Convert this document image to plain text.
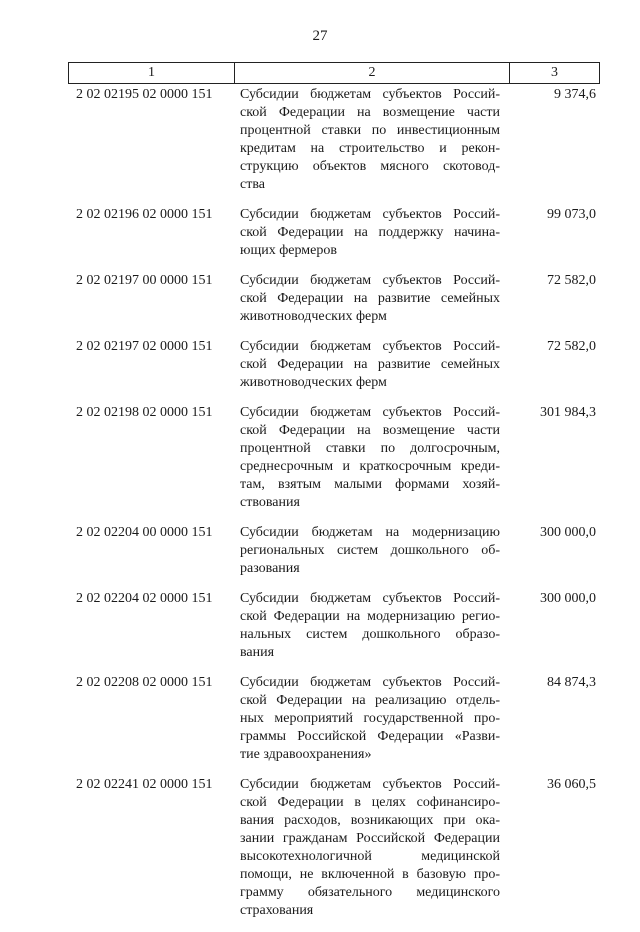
27
1	2	3
2 02 02195 02 0000 151	Субсидии бюджетам субъектов Россий-
ской Федерации на возмещение части
процентной ставки по инвестиционным
кредитам на строительство и рекон-
струкцию объектов мясного скотовод-
ства
9 374,6
2 02 02196 02 0000 151	Субсидии бюджетам субъектов Россий-
ской Федерации на поддержку начина-
ющих фермеров
99 073,0
2 02 02197 00 0000 151	Субсидии бюджетам субъектов Россий-
ской Федерации на развитие семейных
животноводческих ферм
72 582,0
2 02 02197 02 0000 151	Субсидии бюджетам субъектов Россий-
ской Федерации на развитие семейных
животноводческих ферм
72 582,0
2 02 02198 02 0000 151	Субсидии бюджетам субъектов Россий-
ской Федерации на возмещение части
процентной ставки по долгосрочным,
среднесрочным и краткосрочным креди-
там, взятым малыми формами хозяй-
ствования
301 984,3
2 02 02204 00 0000 151	Субсидии бюджетам на модернизацию
региональных систем дошкольного об-
разования
300 000,0
2 02 02204 02 0000 151	Субсидии бюджетам субъектов Россий-
ской Федерации на модернизацию регио-
нальных систем дошкольного образо-
вания
300 000,0
2 02 02208 02 0000 151	Субсидии бюджетам субъектов Россий-
ской Федерации на реализацию отдель-
ных мероприятий государственной про-
граммы Российской Федерации «Разви-
тие здравоохранения»
84 874,3
2 02 02241 02 0000 151	Субсидии бюджетам субъектов Россий-
ской Федерации в целях софинансиро-
вания расходов, возникающих при ока-
зании гражданам Российской Федерации
высокотехнологичной медицинской
помощи, не включенной в базовую про-
грамму обязательного медицинского
страхования
36 060,5
